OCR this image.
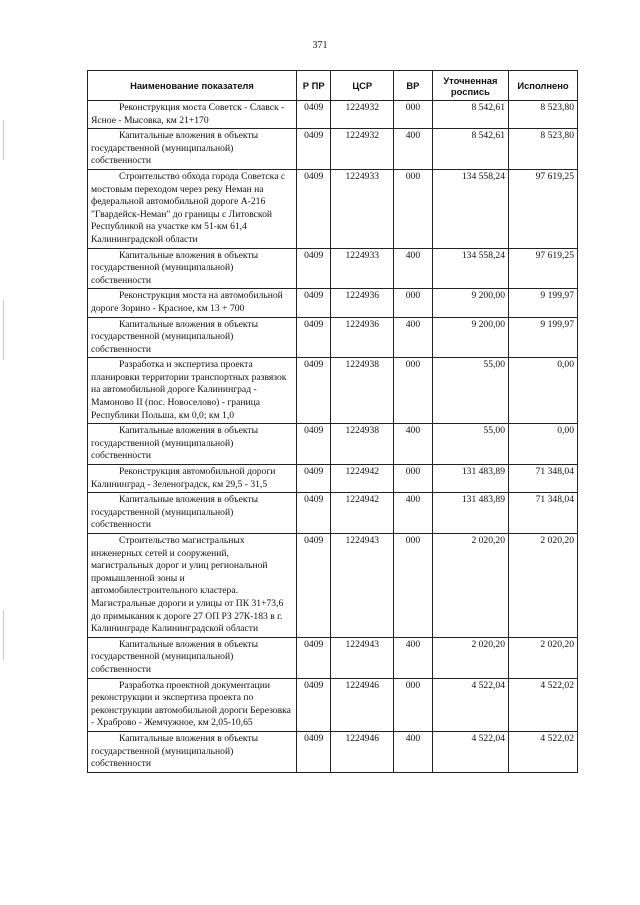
371
Наименование показателя	Р ПР	ЦСР	ВР	Уточненная роспись	Исполнено
Реконструкция моста Советск - Славск - Ясное - Мысовка, км 21+170	0409	1224932	000	8 542,61	8 523,80
Капитальные вложения в объекты государственной (муниципальной) собственности	0409	1224932	400	8 542,61	8 523,80
Строительство обхода города Советска с мостовым переходом через реку Неман на федеральной автомобильной дороге А-216 "Гвардейск-Неман" до границы с Литовской Республикой на участке км 51-км 61,4 Калининградской области	0409	1224933	000	134 558,24	97 619,25
Капитальные вложения в объекты государственной (муниципальной) собственности	0409	1224933	400	134 558,24	97 619,25
Реконструкция моста на автомобильной дороге Зорино - Красное, км 13 + 700	0409	1224936	000	9 200,00	9 199,97
Капитальные вложения в объекты государственной (муниципальной) собственности	0409	1224936	400	9 200,00	9 199,97
Разработка и экспертиза проекта планировки территории транспортных развязок на автомобильной дороге Калининград - Мамоново II (пос. Новоселово) - граница Республики Польша, км 0,0; км 1,0	0409	1224938	000	55,00	0,00
Капитальные вложения в объекты государственной (муниципальной) собственности	0409	1224938	400	55,00	0,00
Реконструкция автомобильной дороги Калининград - Зеленоградск, км 29,5 - 31,5	0409	1224942	000	131 483,89	71 348,04
Капитальные вложения в объекты государственной (муниципальной) собственности	0409	1224942	400	131 483,89	71 348,04
Строительство магистральных инженерных сетей и сооружений, магистральных дорог и улиц региональной промышленной зоны и автомобилестроительного кластера. Магистральные дороги и улицы от ПК 31+73,6 до примыкания к дороге 27 ОП РЗ 27К-183 в г. Калининграде Калининградской области	0409	1224943	000	2 020,20	2 020,20
Капитальные вложения в объекты государственной (муниципальной) собственности	0409	1224943	400	2 020,20	2 020,20
Разработка проектной документации реконструкции и экспертиза проекта по реконструкции автомобильной дороги Березовка - Храброво - Жемчужное, км 2,05-10,65	0409	1224946	000	4 522,04	4 522,02
Капитальные вложения в объекты государственной (муниципальной) собственности	0409	1224946	400	4 522,04	4 522,02
